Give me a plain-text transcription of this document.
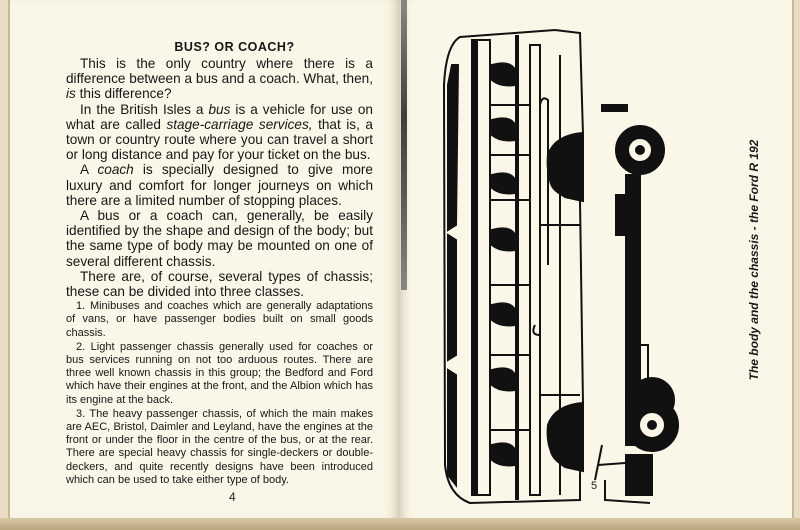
BUS? OR COACH?

This is the only country where there is a difference between a bus and a coach. What, then, is this difference?

In the British Isles a bus is a vehicle for use on what are called stage-carriage services, that is, a town or country route where you can travel a short or long distance and pay for your ticket on the bus.

A coach is specially designed to give more luxury and comfort for longer journeys on which there are a limited number of stopping places.

A bus or a coach can, generally, be easily identified by the shape and design of the body; but the same type of body may be mounted on one of several different chassis.

There are, of course, several types of chassis; these can be divided into three classes.

1. Minibuses and coaches which are generally adaptations of vans, or have passenger bodies built on small goods chassis.

2. Light passenger chassis generally used for coaches or bus services running on not too arduous routes. There are three well known chassis in this group; the Bedford and Ford which have their engines at the front, and the Albion which has its engine at the back.

3. The heavy passenger chassis, of which the main makes are AEC, Bristol, Daimler and Leyland, have the engines at the front or under the floor in the centre of the bus, or at the rear. There are special heavy chassis for single-deckers or double-deckers, and quite recently designs have been introduced which can be used to take either type of body.

4
The body and the chassis - the Ford R 192
5
